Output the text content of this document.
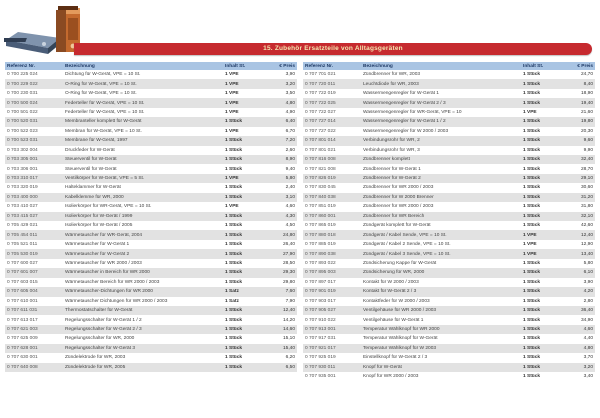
15. Zubehör Ersatzteile von Alltagsgeräten
Referenz Nr.	Bezeichnung	Inhalt St.	€ Preis
0 700 225 024	Dichtung für W-Gerät, VPE = 10 St.	1 VPE	3,90
0 700 229 022	O-Ring für W-Gerät, VPE = 10 St.	1 VPE	3,20
0 700 230 031	O-Ring für W-Gerät, VPE = 10 St.	1 VPE	3,50
0 700 500 024	Federteller für W-Gerät, VPE = 10 St.	1 VPE	4,80
0 700 501 022	Federteller für W-Gerät, VPE = 10 St.	1 VPE	4,90
0 700 520 031	Membranteller komplett für W-Gerät	1 Stück	6,40
0 700 522 023	Membran für W-Gerät, VPE = 10 St.	1 VPE	6,70
0 700 523 031	Membrane für W-Gerät, 1997	1 Stück	7,20
0 703 302 004	Druckfeder für W-Gerät	1 Stück	2,60
0 703 305 001	Steuerventil für W-Gerät	1 Stück	8,90
0 703 306 001	Steuerventil für W-Gerät	1 Stück	9,40
0 703 310 017	Ventilkörper für W-Gerät, VPE = 5 St.	1 VPE	5,80
0 703 320 019	Halteklammer für W-Gerät	1 Stück	2,40
0 703 400 000	Kabelklemme für WR, 2000	1 Stück	3,10
0 703 410 027	Isolierkörper für WR-Gerät, VPE = 10 St.	1 VPE	4,60
0 703 415 027	Isolierkörper für W-Gerät / 1999	1 Stück	4,30
0 705 429 021	Isolierkörper für W-Gerät / 2005	1 Stück	4,50
0 705 454 011	Wärmetauscher für WR-Gerät, 2004	1 Stück	24,80
0 705 521 011	Wärmetauscher für W-Gerät 1	1 Stück	26,40
0 705 530 019	Wärmetauscher für W-Gerät 2	1 Stück	27,90
0 707 600 027	Wärmetauscher für WR 2000 / 2003	1 Stück	28,50
0 707 601 007	Wärmetauscher in Bereich für WR 2000	1 Stück	29,30
0 707 603 015	Wärmetauscher Bereich für WR 2000 / 2003	1 Stück	29,80
0 707 605 004	Wärmetauscher-Dichtungen für WR 2000	1 Satz	7,60
0 707 610 001	Wärmetauscher Dichtungen für WR 2000 / 2003	1 Satz	7,90
0 707 611 031	Thermostatschalter für W-Gerät	1 Stück	12,40
0 707 613 017	Regelungsschalter für W-Gerät 1 / 2	1 Stück	14,20
0 707 621 003	Regelungsschalter für W-Gerät 2 / 3	1 Stück	14,60
0 707 625 009	Regelungsschalter für WR, 2000	1 Stück	15,10
0 707 628 001	Regelungsschalter für W-Gerät 3	1 Stück	15,40
0 707 630 001	Zündelektrode für WR, 2003	1 Stück	6,20
0 707 640 008	Zündelektrode für WR, 2005	1 Stück	6,50
Referenz Nr.	Bezeichnung	Inhalt St.	€ Preis
0 707 701 021	Zündbrenner für WR, 2003	1 Stück	24,70
0 707 720 011	Leuchtdiode für WR, 2003	1 Stück	8,40
0 707 722 019	Wassermengenregler für W-Gerät 1	1 Stück	18,90
0 707 722 025	Wassermengenregler für W-Gerät 2 / 3	1 Stück	19,40
0 707 722 027	Wassermengenregler für WR-Gerät, VPE = 10	1 VPE	21,60
0 707 727 014	Wassermengenregler für W-Gerät 1 / 2	1 Stück	19,80
0 707 727 022	Wassermengenregler für W 2000 / 2003	1 Stück	20,30
0 707 801 014	Verbindungsrohr für WR, 2	1 Stück	9,60
0 707 801 021	Verbindungsrohr für WR, 3	1 Stück	9,90
0 707 816 008	Zündbrenner komplett	1 Stück	32,40
0 707 821 008	Zündbrenner für W-Gerät 1	1 Stück	28,70
0 707 826 019	Zündbrenner für W-Gerät 2	1 Stück	29,10
0 707 830 045	Zündbrenner für WR 2000 / 2003	1 Stück	30,60
0 707 840 038	Zündbrenner für W 2000 Brenner	1 Stück	31,20
0 707 851 019	Zündbrenner für WR 2000 / 2003	1 Stück	31,80
0 707 860 001	Zündbrenner für WR Bereich	1 Stück	32,10
0 707 865 019	Zündgerät komplett für W-Gerät	1 Stück	42,60
0 707 880 018	Zündgerät / Kabel Sende, VPE = 10 St.	1 VPE	12,40
0 707 885 019	Zündgerät / Kabel 2 Sende, VPE = 10 St.	1 VPE	12,90
0 707 890 038	Zündgerät / Kabel 3 Sende, VPE = 10 St.	1 VPE	13,40
0 707 893 022	Zündsicherung Kappe für W-Gerät	1 Stück	5,80
0 707 895 003	Zündsicherung für WR, 2000	1 Stück	6,10
0 707 897 017	Kontakt für W 2000 / 2003	1 Stück	3,90
0 707 901 019	Kontakt für W-Gerät 2 / 3	1 Stück	4,20
0 707 903 017	Kontaktfeder für W 2000 / 2003	1 Stück	2,80
0 707 905 027	Ventilgehäuse für WR 2000 / 2003	1 Stück	36,40
0 707 910 022	Ventilgehäuse für W-Gerät 1	1 Stück	34,90
0 707 913 001	Temperatur Wählknopf für WR 2000	1 Stück	4,60
0 707 917 031	Temperatur Wählknopf für W-Gerät	1 Stück	4,40
0 707 921 017	Temperatur Wählknopf für W 2003	1 Stück	4,80
0 707 925 019	Einstellknopf für W-Gerät 2 / 3	1 Stück	3,70
0 707 930 011	Knopf für W-Gerät	1 Stück	3,20
0 707 935 001	Knopf für WR 2000 / 2003	1 Stück	3,40
